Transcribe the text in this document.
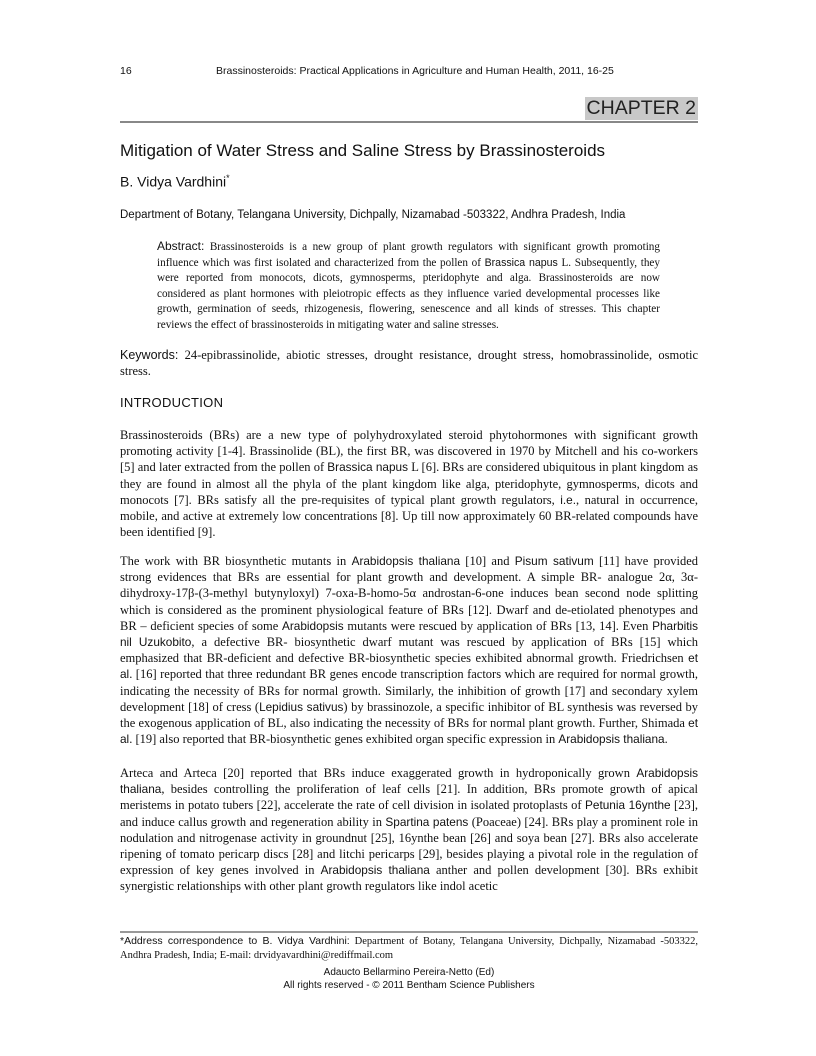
16	Brassinosteroids: Practical Applications in Agriculture and Human Health, 2011, 16-25
CHAPTER 2
Mitigation of Water Stress and Saline Stress by Brassinosteroids
B. Vidya Vardhini*
Department of Botany, Telangana University, Dichpally, Nizamabad -503322, Andhra Pradesh, India
Abstract: Brassinosteroids is a new group of plant growth regulators with significant growth promoting influence which was first isolated and characterized from the pollen of Brassica napus L. Subsequently, they were reported from monocots, dicots, gymnosperms, pteridophyte and alga. Brassinosteroids are now considered as plant hormones with pleiotropic effects as they influence varied developmental processes like growth, germination of seeds, rhizogenesis, flowering, senescence and all kinds of stresses. This chapter reviews the effect of brassinosteroids in mitigating water and saline stresses.
Keywords: 24-epibrassinolide, abiotic stresses, drought resistance, drought stress, homobrassinolide, osmotic stress.
INTRODUCTION
Brassinosteroids (BRs) are a new type of polyhydroxylated steroid phytohormones with significant growth promoting activity [1-4]. Brassinolide (BL), the first BR, was discovered in 1970 by Mitchell and his co-workers [5] and later extracted from the pollen of Brassica napus L [6]. BRs are considered ubiquitous in plant kingdom as they are found in almost all the phyla of the plant kingdom like alga, pteridophyte, gymnosperms, dicots and monocots [7]. BRs satisfy all the pre-requisites of typical plant growth regulators, i.e., natural in occurrence, mobile, and active at extremely low concentrations [8]. Up till now approximately 60 BR-related compounds have been identified [9].
The work with BR biosynthetic mutants in Arabidopsis thaliana [10] and Pisum sativum [11] have provided strong evidences that BRs are essential for plant growth and development. A simple BR- analogue 2α, 3α-dihydroxy-17β-(3-methyl butynyloxyl) 7-oxa-B-homo-5α androstan-6-one induces bean second node splitting which is considered as the prominent physiological feature of BRs [12]. Dwarf and de-etiolated phenotypes and BR – deficient species of some Arabidopsis mutants were rescued by application of BRs [13, 14]. Even Pharbitis nil Uzukobito, a defective BR- biosynthetic dwarf mutant was rescued by application of BRs [15] which emphasized that BR-deficient and defective BR-biosynthetic species exhibited abnormal growth. Friedrichsen et al. [16] reported that three redundant BR genes encode transcription factors which are required for normal growth, indicating the necessity of BRs for normal growth. Similarly, the inhibition of growth [17] and secondary xylem development [18] of cress (Lepidius sativus) by brassinozole, a specific inhibitor of BL synthesis was reversed by the exogenous application of BL, also indicating the necessity of BRs for normal plant growth. Further, Shimada et al. [19] also reported that BR-biosynthetic genes exhibited organ specific expression in Arabidopsis thaliana.
Arteca and Arteca [20] reported that BRs induce exaggerated growth in hydroponically grown Arabidopsis thaliana, besides controlling the proliferation of leaf cells [21]. In addition, BRs promote growth of apical meristems in potato tubers [22], accelerate the rate of cell division in isolated protoplasts of Petunia 16ynthe [23], and induce callus growth and regeneration ability in Spartina patens (Poaceae) [24]. BRs play a prominent role in nodulation and nitrogenase activity in groundnut [25], 16ynthe bean [26] and soya bean [27]. BRs also accelerate ripening of tomato pericarp discs [28] and litchi pericarps [29], besides playing a pivotal role in the regulation of expression of key genes involved in Arabidopsis thaliana anther and pollen development [30]. BRs exhibit synergistic relationships with other plant growth regulators like indol acetic
*Address correspondence to B. Vidya Vardhini: Department of Botany, Telangana University, Dichpally, Nizamabad -503322, Andhra Pradesh, India; E-mail: drvidyavardhini@rediffmail.com
Adaucto Bellarmino Pereira-Netto (Ed)
All rights reserved - © 2011 Bentham Science Publishers
